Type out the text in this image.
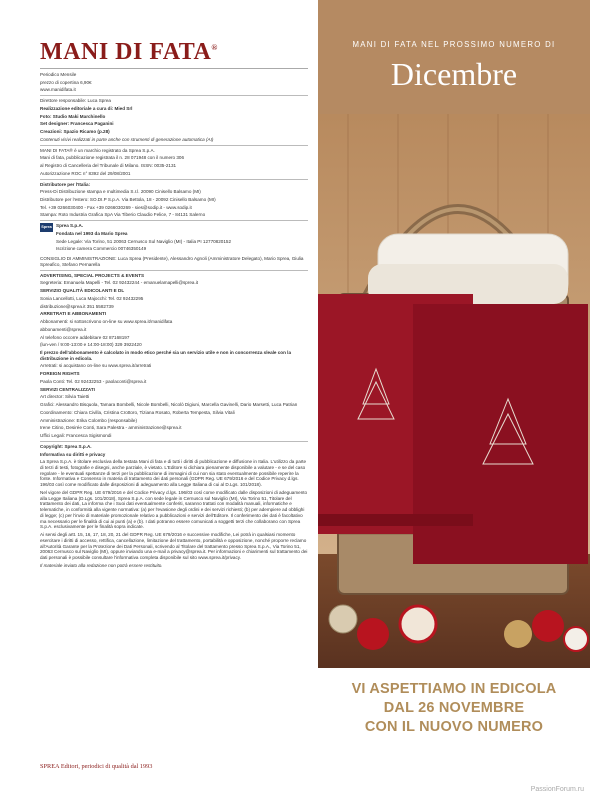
MANI DI FATA®

Periodico Mensile

prezzo di copertina 6,90€

www.manidifata.it

Direttore responsabile: Luca Sprea

Realizzazione editoriale a cura di: Mied Srl

Foto: Studio Maki Marchinello

Set designer: Francesca Paganini

Creazioni: Spazio Ricamo (p.28)

Contenuti visivi realizzati in parte anche con strumenti di generazione automatica (AI)

MANI DI FATA® è un marchio registrato da Sprea S.p.A.

Mani di fata, pubblicazione registrata il n. 28 071948 con il numero 306

al Registro di Cancelleria del Tribunale di Milano. ISSN: 0035-2131

Autorizzazione ROC n° 8392 del 29/08/2001

Distributore per l'Italia:

Press-Di Distribuzione stampa e multimedia S.r.l. 20090 Cinisello Balsamo (MI)

Distributore per l'estero: SO.DI.P S.p.A. Via Bettola, 18 - 20092 Cinisello Balsamo (MI)

Tel. +39 0266030400 - Fax +39 0266030269 - sies@sodip.it - www.sodip.it

Stampa: Roto Industria Grafica SpA Via Tiberio Claudio Felice, 7 - 84131 Salerno

Sprea Sprea S.p.A.

Fondata nel 1993 da Mario Sprea

Sede Legale: Via Torino, 51 20063 Cernusco Sul Naviglio (MI) - Italia PI 12770820152

Iscrizione camera Commercio 00746350149

CONSIGLIO DI AMMINISTRAZIONE: Luca Sprea (Presidente), Alessandro Agnoli (Amministratore Delegato), Mario Sprea, Giulia Spreafico, Stefano Pernarella

ADVERTISING, SPECIAL PROJECTS & EVENTS

Segreteria: Emanuela Mapelli - Tel. 02 92432244 - emanuelamapelli@sprea.it

SERVIZIO QUALITÀ EDICOLANTI E DL

Sonia Lancellotti, Luca Majocchi: Tel. 02 92432295

distribuzione@sprea.it 351 5582739

ARRETRATI E ABBONAMENTI

Abbonamenti: si sottoscrivono on-line su www.sprea.it/manidifata

abbonamenti@sprea.it

Al telefono occorre addebitare 02 87168197

(lun-ven / 9:00-13:00 e 14:00-18:00) 329 3922420

Il prezzo dell'abbonamento è calcolato in modo etico perché sia un servizio utile e non in concorrenza sleale con la distribuzione in edicola.

Arretrati: si acquistano on-line su www.sprea.it/arretrati

FOREIGN RIGHTS

Paola Conti: Tel. 02 92432253 - paolaconti@sprea.it

SERVIZI CENTRALIZZATI

Art director: Silvia Taietti

Grafici: Alessandro Bisquola, Tamara Bombelli, Nicole Bombelli, Nicolò Digiuni, Marcella Gavinelli, Dario Marsetti, Luca Patrian

Coordinamento: Chiara Civilla, Cristina Crottoro, Tiziana Rosato, Roberta Tempesta, Silvia Vitali

Amministrazione: Erika Colombo (responsabile)

Irene Citino, Desirée Conti, Sara Palestra - amministrazione@sprea.it

Uffici Legali: Francesca Sigismondi

Copyright: Sprea S.p.A.

Informativa su diritti e privacy

La Sprea S.p.A. è titolare esclusiva della testata Mani di fata e di tutti i diritti di pubblicazione e diffusione in Italia. L'utilizzo da parte di terzi di testi, fotografie e disegni, anche parziale, è vietato. L'Editore si dichiara pienamente disponibile a valutare - e se del caso regolare - le eventuali spettanze di terzi per la pubblicazione di immagini di cui non sia stato eventualmente possibile reperire la fonte. Informativa e Consenso in materia di trattamento dei dati personali (GDPR Reg. UE 679/2016 e del Codice Privacy d.lgs. 196/03 così come modificato dalle disposizioni di adeguamento alla Legge Italiana di cui al D.Lgs. 101/2018).

Nel vigore del GDPR Reg. UE 679/2016 e del Codice Privacy d.lgs. 196/03 così come modificato dalle disposizioni di adeguamento alla Legge Italiana (D.Lgs. 101/2018), Sprea S.p.A. con sede legale in Cernusco sul Naviglio (MI), Via Torino 51, Titolare del trattamento dei dati, La informa che i Suoi dati eventualmente conferiti, saranno trattati con modalità manuali, informatiche e telematiche, in conformità alla vigente normativa: (a) per l'evasione degli ordini e dei servizi richiesti; (b) per adempiere ad obblighi di legge; (c) per l'invio di materiale promozionale relativo a pubblicazioni e servizi dell'Editore. Il conferimento dei dati è facoltativo ma necessario per le finalità di cui ai punti (a) e (b). I dati potranno essere comunicati a soggetti terzi che collaborano con Sprea S.p.A. esclusivamente per le finalità sopra indicate.

Ai sensi degli artt. 15, 16, 17, 18, 20, 21 del GDPR Reg. UE 679/2016 e successive modifiche, Lei potrà in qualsiasi momento esercitare i diritti di accesso, rettifica, cancellazione, limitazione del trattamento, portabilità e opposizione, nonché proporre reclamo all'Autorità Garante per la Protezione dei Dati Personali, scrivendo al Titolare del trattamento presso Sprea S.p.A., Via Torino 51, 20063 Cernusco sul Naviglio (MI), oppure inviando una e-mail a privacy@sprea.it. Per informazioni e chiarimenti sul trattamento dei dati personali è possibile consultare l'informativa completa disponibile sul sito www.sprea.it/privacy.

Il materiale inviato alla redazione non potrà essere restituito.

SPREA Editori, periodici di qualità dal 1993
MANI DI FATA NEL PROSSIMO NUMERO DI
Dicembre
VI ASPETTIAMO IN EDICOLA
DAL 26 NOVEMBRE
CON IL NUOVO NUMERO
PassionForum.ru
